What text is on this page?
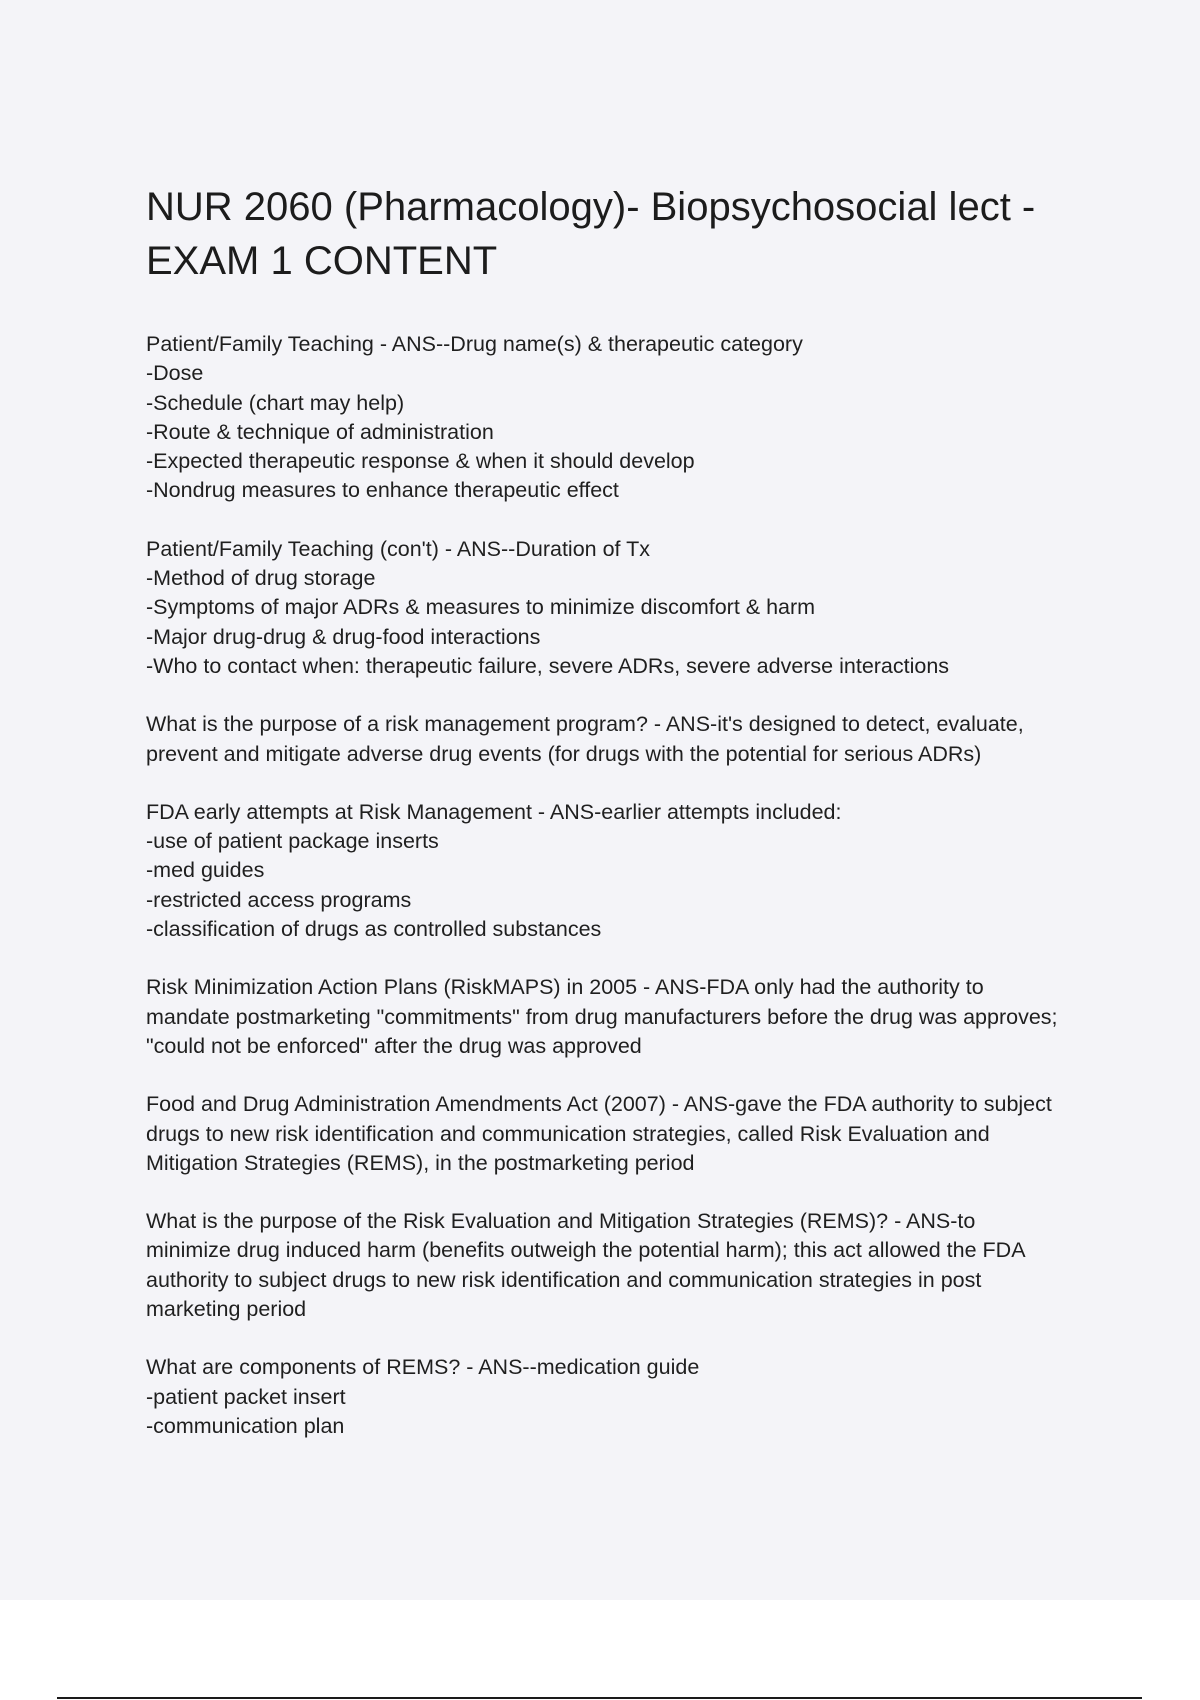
NUR 2060 (Pharmacology)- Biopsychosocial lect -
EXAM 1 CONTENT
Patient/Family Teaching - ANS--Drug name(s) & therapeutic category
-Dose
-Schedule (chart may help)
-Route & technique of administration
-Expected therapeutic response & when it should develop
-Nondrug measures to enhance therapeutic effect
Patient/Family Teaching (con't) - ANS--Duration of Tx
-Method of drug storage
-Symptoms of major ADRs & measures to minimize discomfort & harm
-Major drug-drug & drug-food interactions
-Who to contact when: therapeutic failure, severe ADRs, severe adverse interactions
What is the purpose of a risk management program? - ANS-it's designed to detect, evaluate,
prevent and mitigate adverse drug events (for drugs with the potential for serious ADRs)
FDA early attempts at Risk Management - ANS-earlier attempts included:
-use of patient package inserts
-med guides
-restricted access programs
-classification of drugs as controlled substances
Risk Minimization Action Plans (RiskMAPS) in 2005 - ANS-FDA only had the authority to
mandate postmarketing "commitments" from drug manufacturers before the drug was approves;
"could not be enforced" after the drug was approved
Food and Drug Administration Amendments Act (2007) - ANS-gave the FDA authority to subject
drugs to new risk identification and communication strategies, called Risk Evaluation and
Mitigation Strategies (REMS), in the postmarketing period
What is the purpose of the Risk Evaluation and Mitigation Strategies (REMS)? - ANS-to
minimize drug induced harm (benefits outweigh the potential harm); this act allowed the FDA
authority to subject drugs to new risk identification and communication strategies in post
marketing period
What are components of REMS? - ANS--medication guide
-patient packet insert
-communication plan
